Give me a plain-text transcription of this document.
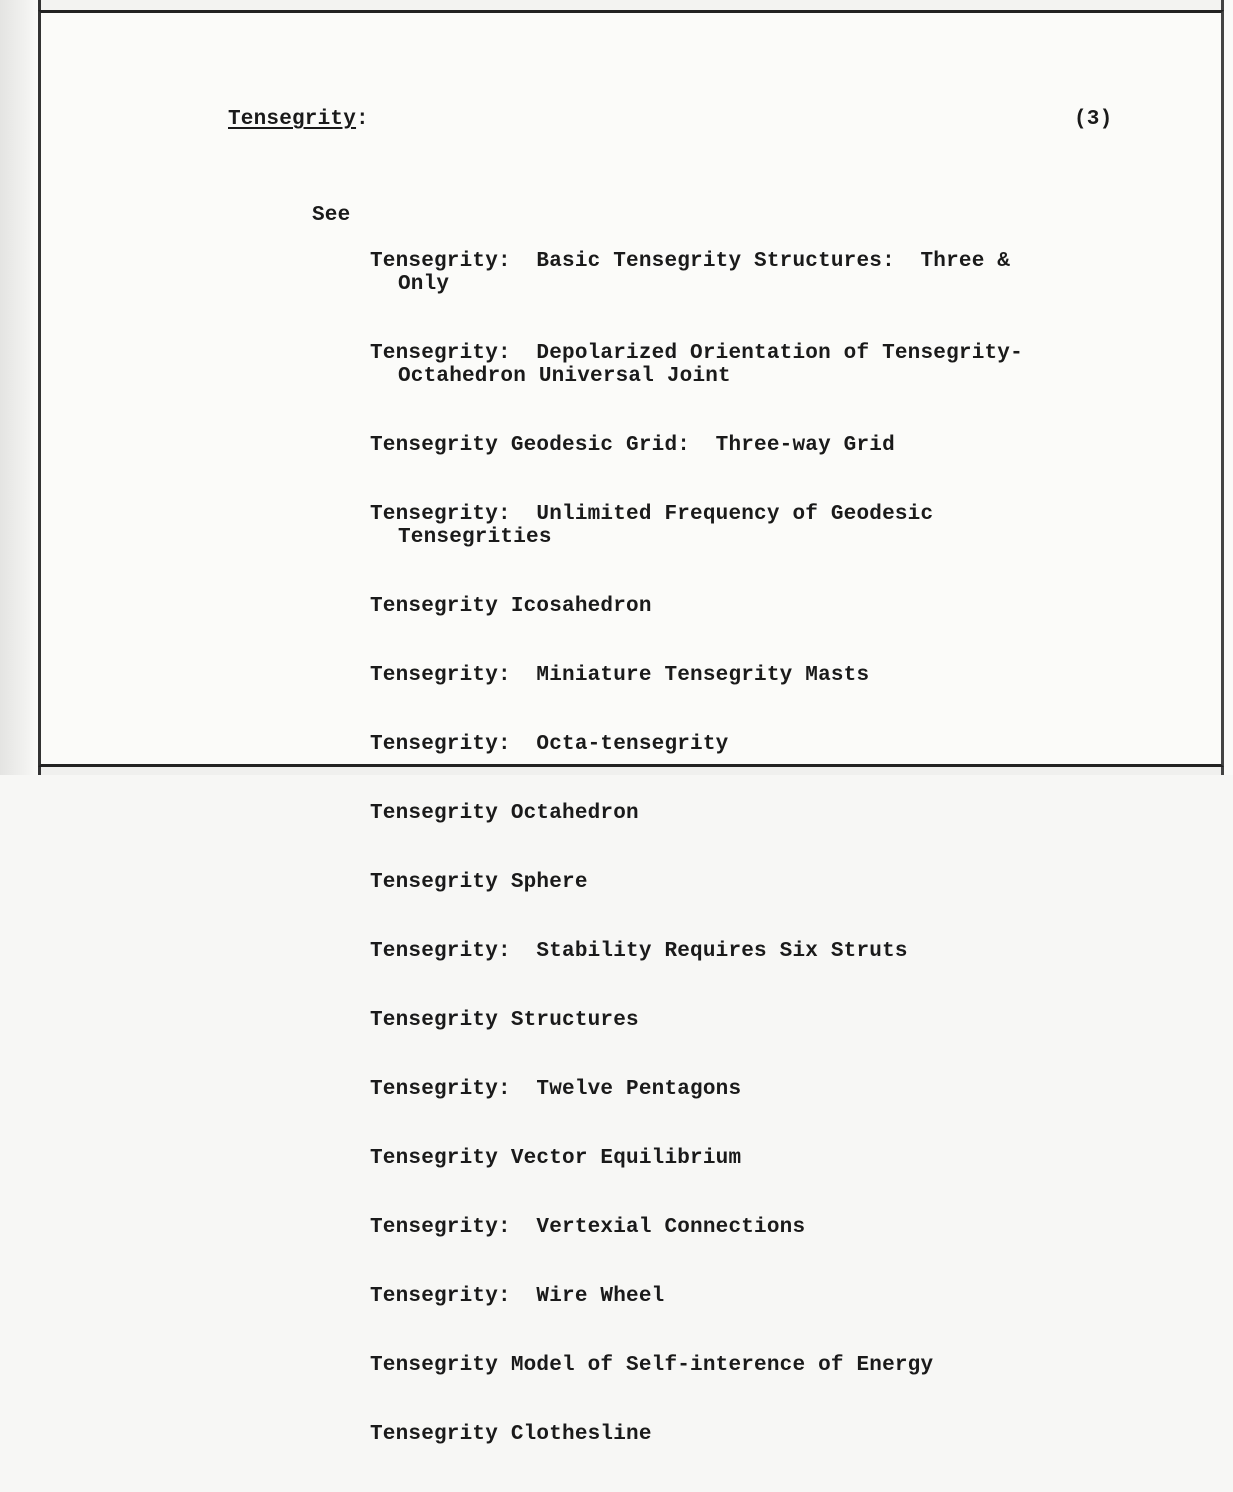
Tensegrity:	(3)
See

Tensegrity:  Basic Tensegrity Structures:  Three &
Only

Tensegrity:  Depolarized Orientation of Tensegrity-
Octahedron Universal Joint

Tensegrity Geodesic Grid:  Three-way Grid

Tensegrity:  Unlimited Frequency of Geodesic
Tensegrities

Tensegrity Icosahedron

Tensegrity:  Miniature Tensegrity Masts

Tensegrity:  Octa-tensegrity

Tensegrity Octahedron

Tensegrity Sphere

Tensegrity:  Stability Requires Six Struts

Tensegrity Structures

Tensegrity:  Twelve Pentagons

Tensegrity Vector Equilibrium

Tensegrity:  Vertexial Connections

Tensegrity:  Wire Wheel

Tensegrity Model of Self-interence of Energy

Tensegrity Clothesline
